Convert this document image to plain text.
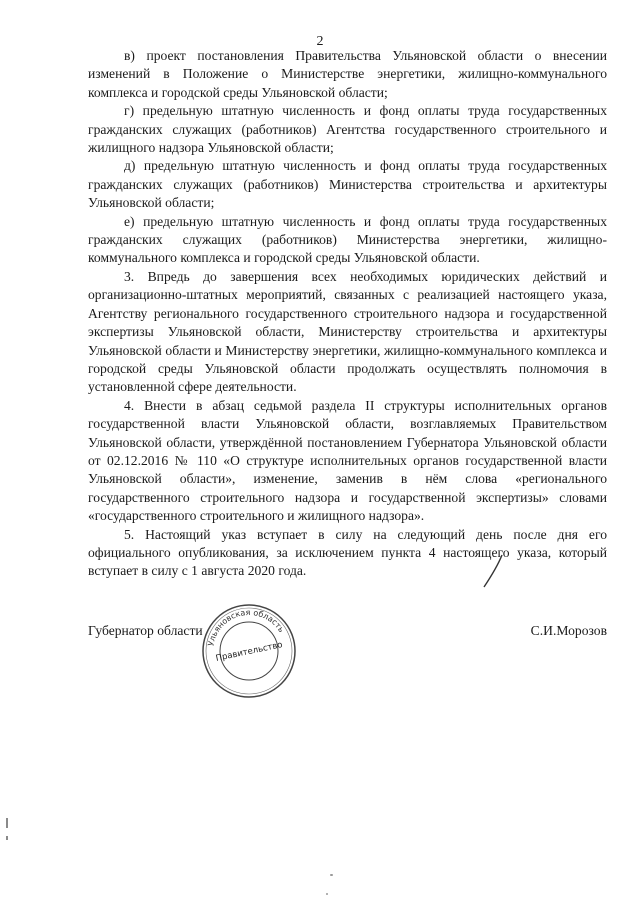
2

в) проект постановления Правительства Ульяновской области о внесении изменений в Положение о Министерстве энергетики, жилищно-коммунального комплекса и городской среды Ульяновской области;

г) предельную штатную численность и фонд оплаты труда государственных гражданских служащих (работников) Агентства государственного строительного и жилищного надзора Ульяновской области;

д) предельную штатную численность и фонд оплаты труда государственных гражданских служащих (работников) Министерства строительства и архитектуры Ульяновской области;

е) предельную штатную численность и фонд оплаты труда государственных гражданских служащих (работников) Министерства энергетики, жилищно-коммунального комплекса и городской среды Ульяновской области.

3. Впредь до завершения всех необходимых юридических действий и организационно-штатных мероприятий, связанных с реализацией настоящего указа, Агентству регионального государственного строительного надзора и государственной экспертизы Ульяновской области, Министерству строительства и архитектуры Ульяновской области и Министерству энергетики, жилищно-коммунального комплекса и городской среды Ульяновской области продолжать осуществлять полномочия в установленной сфере деятельности.

4. Внести в абзац седьмой раздела II структуры исполнительных органов государственной власти Ульяновской области, возглавляемых Правительством Ульяновской области, утверждённой постановлением Губернатора Ульяновской области от 02.12.2016 № 110 «О структуре исполнительных органов государственной власти Ульяновской области», изменение, заменив в нём слова «регионального государственного строительного надзора и государственной экспертизы» словами «государственного строительного и жилищного надзора».

5. Настоящий указ вступает в силу на следующий день после дня его официального опубликования, за исключением пункта 4 настоящего указа, который вступает в силу с 1 августа 2020 года.

Губернатор области	С.И.Морозов
Ульяновская область
Правительство
